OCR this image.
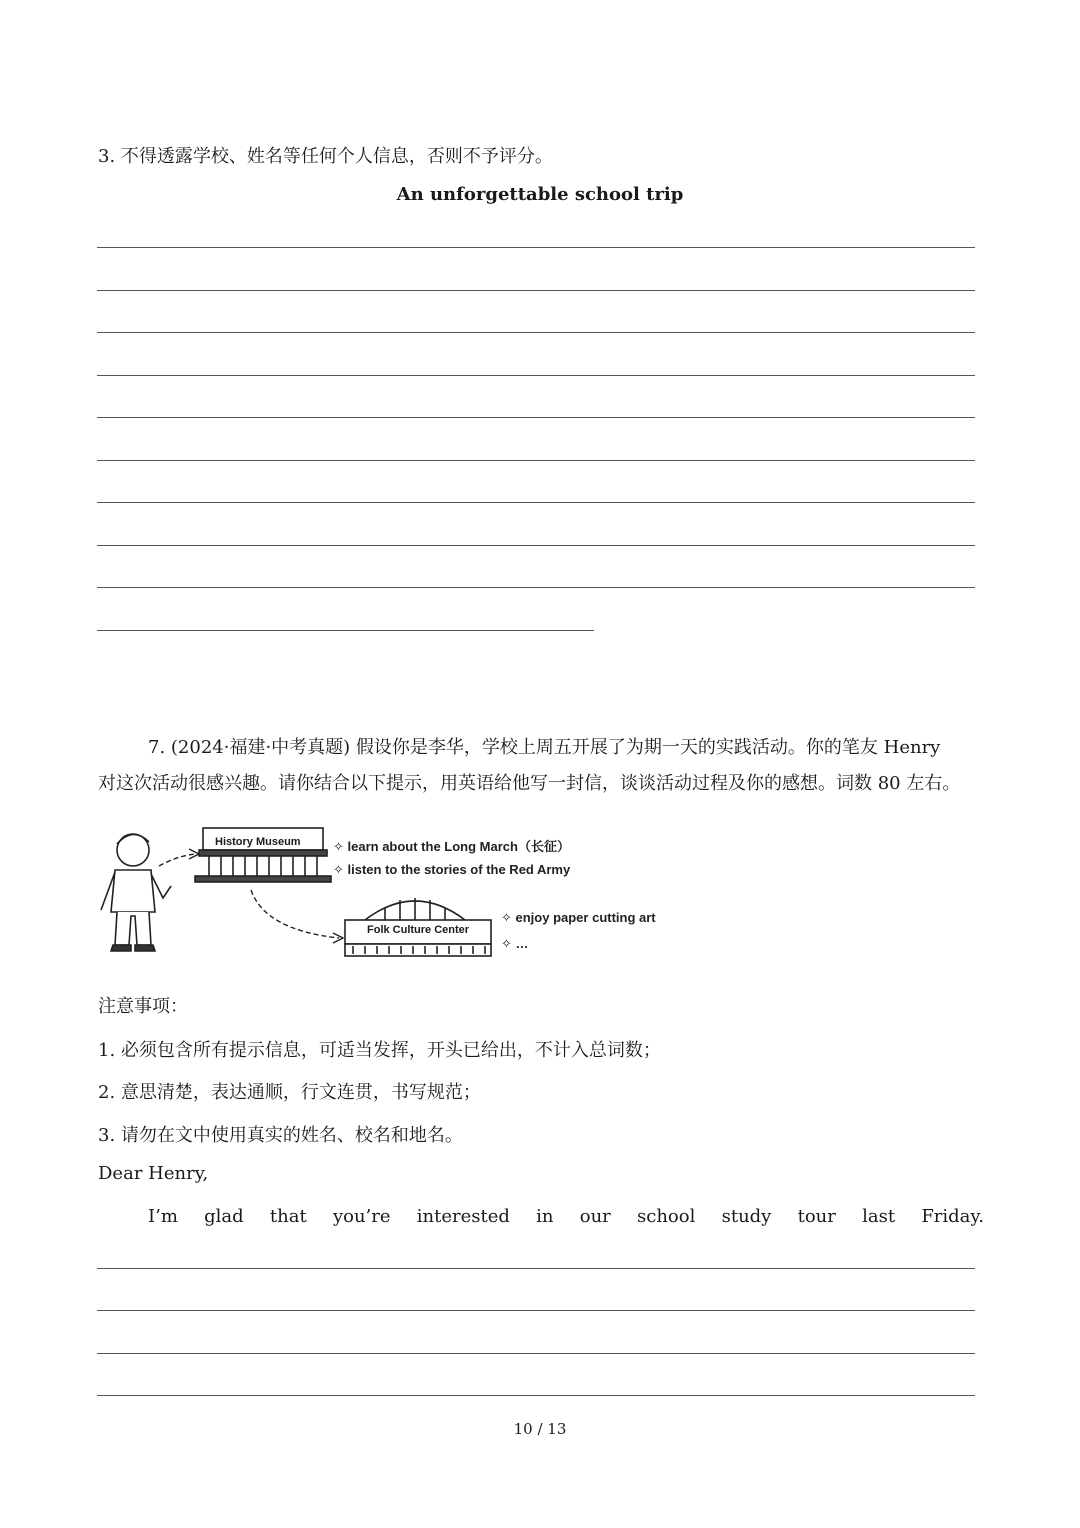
3. 不得透露学校、姓名等任何个人信息，否则不予评分。
An unforgettable school trip
7. (2024·福建·中考真题) 假设你是李华，学校上周五开展了为期一天的实践活动。你的笔友 Henry
对这次活动很感兴趣。请你结合以下提示，用英语给他写一封信，谈谈活动过程及你的感想。词数 80 左右。
History Museum
Folk Culture Center
✧ learn about the Long March（长征）
✧ listen to the stories of the Red Army
✧ enjoy paper cutting art
✧ …
注意事项：
1. 必须包含所有提示信息，可适当发挥，开头已给出，不计入总词数；
2. 意思清楚，表达通顺，行文连贯，书写规范；
3. 请勿在文中使用真实的姓名、校名和地名。
Dear Henry,
I’m glad that you’re interested in our school study tour last Friday.
10 / 13
